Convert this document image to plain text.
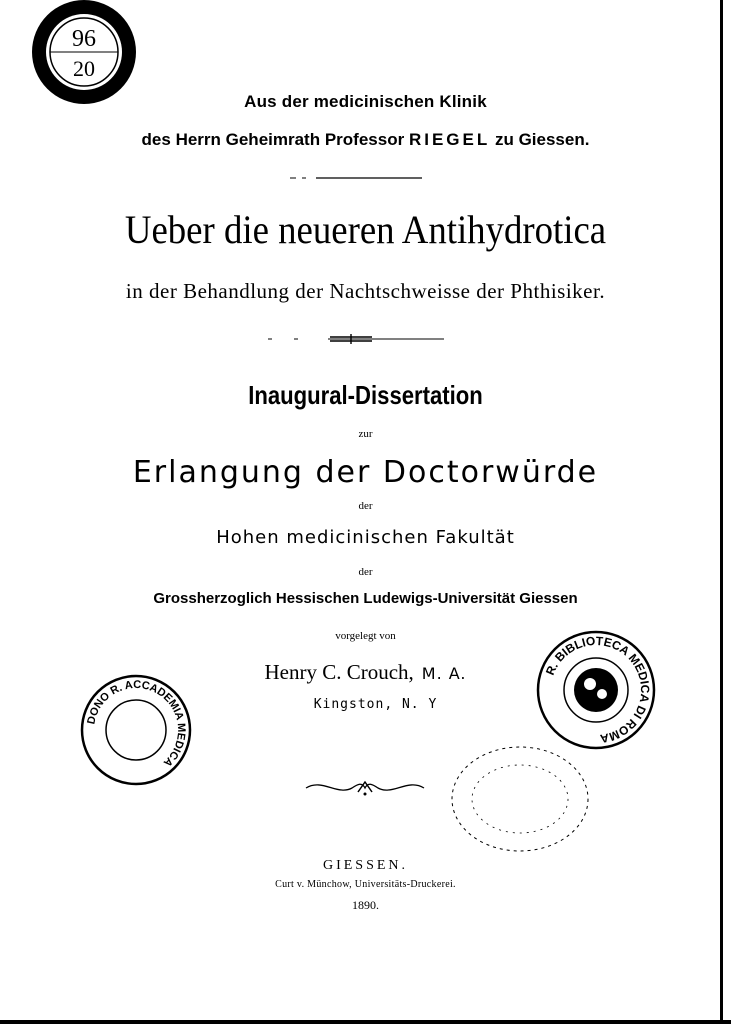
96
20
Aus der medicinischen Klinik
des Herrn Geheimrath Professor RIEGEL zu Giessen.
Ueber die neueren Antihydrotica
in der Behandlung der Nachtschweisse der Phthisiker.
Inaugural-Dissertation
zur
Erlangung der Doctorwürde
der
Hohen medicinischen Fakultät
der
Grossherzoglich Hessischen Ludewigs-Universität Giessen
vorgelegt von
Henry C. Crouch, M. A.
Kingston, N. Y
DONO R. ACCADEMIA MEDICA
R. BIBLIOTECA MEDICA DI ROMA
GIESSEN.
Curt v. Münchow, Universitäts-Druckerei.
1890.
